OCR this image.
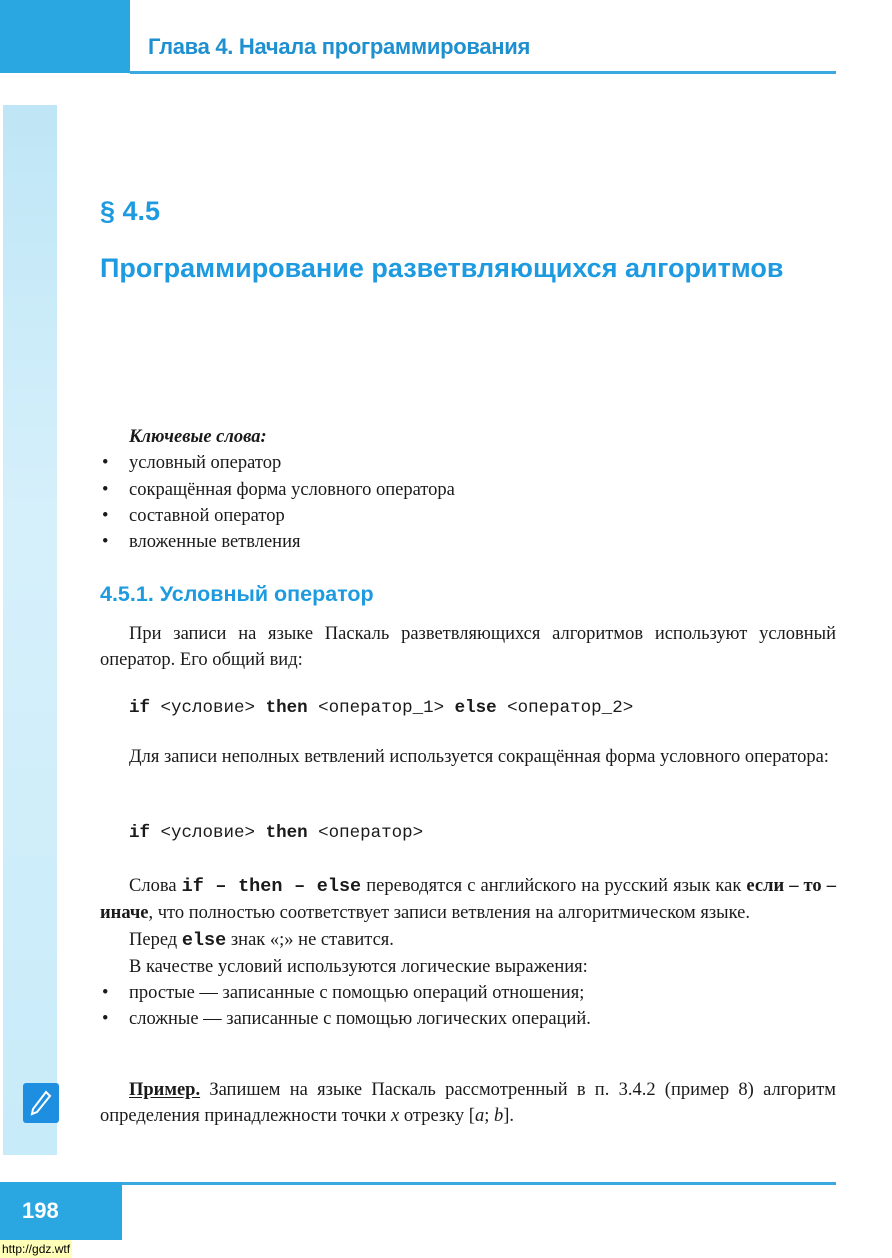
Глава 4. Начала программирования
§ 4.5
Программирование разветвляющихся алгоритмов
Ключевые слова:
• условный оператор
• сокращённая форма условного оператора
• составной оператор
• вложенные ветвления
4.5.1. Условный оператор
При записи на языке Паскаль разветвляющихся алгоритмов используют условный оператор. Его общий вид:
if <условие> then <оператор_1> else <оператор_2>
Для записи неполных ветвлений используется сокращённая форма условного оператора:
if <условие> then <оператор>
Слова if – then – else переводятся с английского на русский язык как если – то – иначе, что полностью соответствует записи ветвления на алгоритмическом языке.
Перед else знак «;» не ставится.
В качестве условий используются логические выражения:
• простые — записанные с помощью операций отношения;
• сложные — записанные с помощью логических операций.
Пример. Запишем на языке Паскаль рассмотренный в п. 3.4.2 (пример 8) алгоритм определения принадлежности точки x отрезку [a; b].
198
http://gdz.wtf
